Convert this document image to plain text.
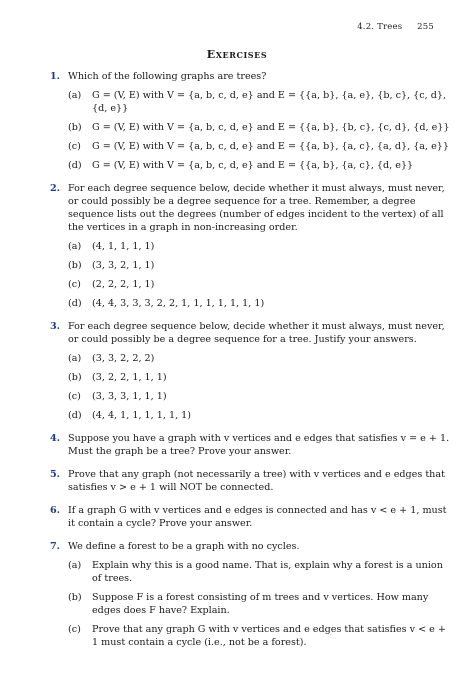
4.2. Trees 255
Exercises
1. Which of the following graphs are trees?
(a) G = (V, E) with V = {a, b, c, d, e} and E = {{a, b}, {a, e}, {b, c}, {c, d}, {d, e}}
(b) G = (V, E) with V = {a, b, c, d, e} and E = {{a, b}, {b, c}, {c, d}, {d, e}}
(c) G = (V, E) with V = {a, b, c, d, e} and E = {{a, b}, {a, c}, {a, d}, {a, e}}
(d) G = (V, E) with V = {a, b, c, d, e} and E = {{a, b}, {a, c}, {d, e}}
2. For each degree sequence below, decide whether it must always, must never, or could possibly be a degree sequence for a tree. Remember, a degree sequence lists out the degrees (number of edges incident to the vertex) of all the vertices in a graph in non-increasing order.
(a) (4, 1, 1, 1, 1)
(b) (3, 3, 2, 1, 1)
(c) (2, 2, 2, 1, 1)
(d) (4, 4, 3, 3, 3, 2, 2, 1, 1, 1, 1, 1, 1, 1)
3. For each degree sequence below, decide whether it must always, must never, or could possibly be a degree sequence for a tree. Justify your answers.
(a) (3, 3, 2, 2, 2)
(b) (3, 2, 2, 1, 1, 1)
(c) (3, 3, 3, 1, 1, 1)
(d) (4, 4, 1, 1, 1, 1, 1, 1)
4. Suppose you have a graph with v vertices and e edges that satisfies v = e + 1. Must the graph be a tree? Prove your answer.
5. Prove that any graph (not necessarily a tree) with v vertices and e edges that satisfies v > e + 1 will NOT be connected.
6. If a graph G with v vertices and e edges is connected and has v < e + 1, must it contain a cycle? Prove your answer.
7. We define a forest to be a graph with no cycles.
(a) Explain why this is a good name. That is, explain why a forest is a union of trees.
(b) Suppose F is a forest consisting of m trees and v vertices. How many edges does F have? Explain.
(c) Prove that any graph G with v vertices and e edges that satisfies v < e + 1 must contain a cycle (i.e., not be a forest).
